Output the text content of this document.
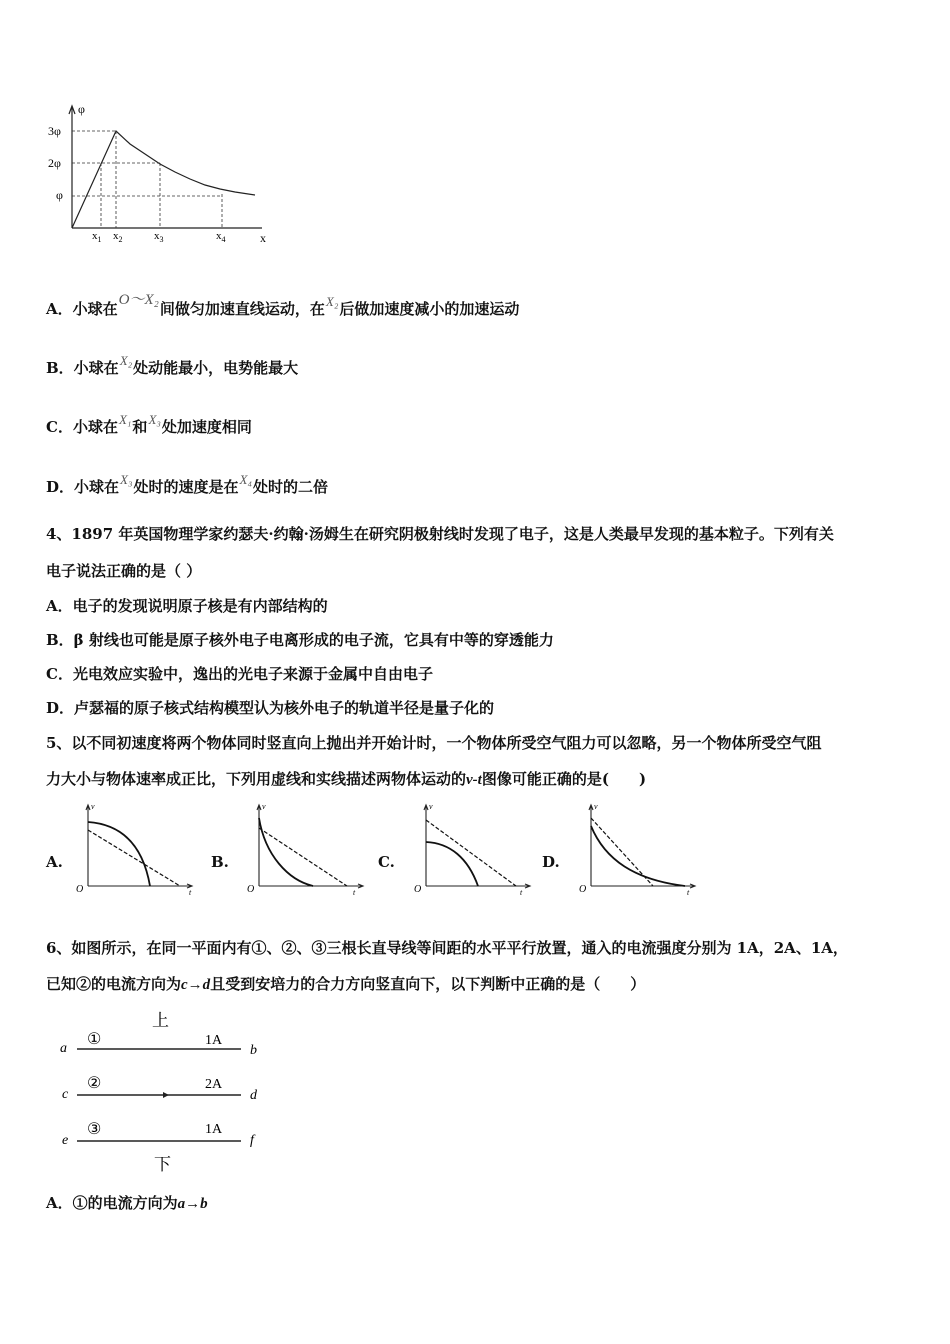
φ
3φ
2φ
φ
x
$x_1$ $x_2$	$x_3$	$x_4$
A．小球在O～X₂间做匀加速直线运动，在X₂后做加速度减小的加速运动
B．小球在X₂处动能最小，电势能最大
C．小球在X₁和X₃处加速度相同
D．小球在X₃处时的速度是在X₄处时的二倍
4、1897 年英国物理学家约瑟夫·约翰·汤姆生在研究阴极射线时发现了电子，这是人类最早发现的基本粒子。下列有关
电子说法正确的是（ ）
A．电子的发现说明原子核是有内部结构的
B．β 射线也可能是原子核外电子电离形成的电子流，它具有中等的穿透能力
C．光电效应实验中，逸出的光电子来源于金属中自由电子
D．卢瑟福的原子核式结构模型认为核外电子的轨道半径是量子化的
5、以不同初速度将两个物体同时竖直向上抛出并开始计时，一个物体所受空气阻力可以忽略，另一个物体所受空气阻
力大小与物体速率成正比，下列用虚线和实线描述两物体运动的v-t图像可能正确的是(　　)
A.	B.	C.	D.
v
O	t
v
O	t
v
O	t
v
O	t
6、如图所示，在同一平面内有①、②、③三根长直导线等间距的水平平行放置，通入的电流强度分别为 1A，2A、1A，
已知②的电流方向为c→d且受到安培力的合力方向竖直向下，以下判断中正确的是（　　）
上
a
①	1A
b
c
②	2A
d
e
③	1A
f
下
A．①的电流方向为a→b
